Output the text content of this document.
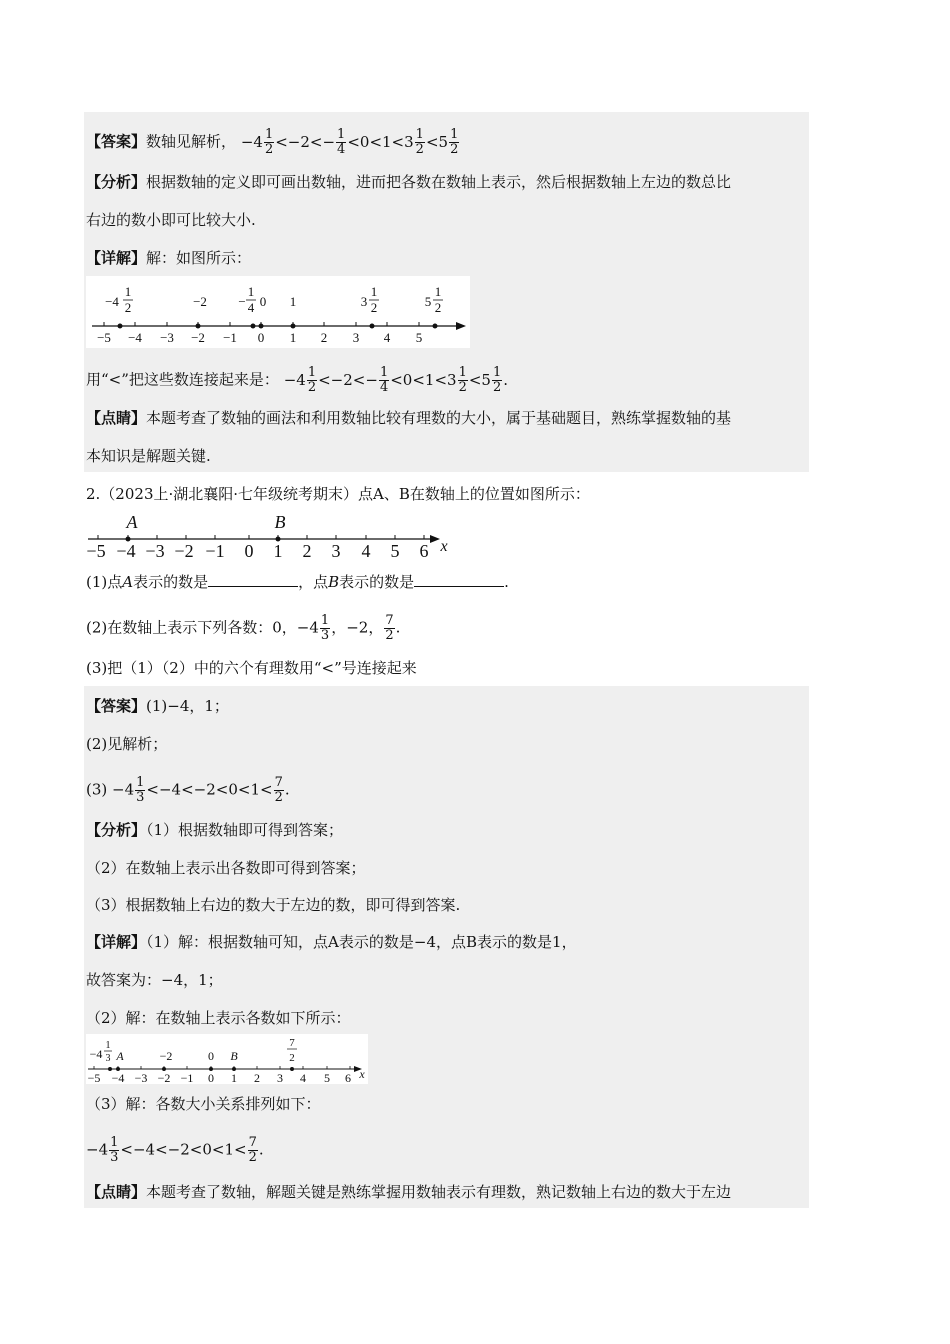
【答案】数轴见解析， $-4 \frac{1}{2} <-2<- \frac{1}{4} <0<1<3 \frac{1}{2} <5 \frac{1}{2}$
【分析】根据数轴的定义即可画出数轴，进而把各数在数轴上表示，然后根据数轴上左边的数总比
右边的数小即可比较大小.
【详解】解：如图所示：
−5 −4 −3 −2 −1 0 1 2 3 4 5
−4
1
2	−2 −
1
4 0 1	3
1
2	5
1
2
用“<”把这些数连接起来是： $-4 \frac{1}{2} <-2<- \frac{1}{4} <0<1<3 \frac{1}{2} <5 \frac{1}{2}$ .
【点睛】本题考查了数轴的画法和利用数轴比较有理数的大小，属于基础题目，熟练掌握数轴的基
本知识是解题关键.
2.（2023上·湖北襄阳·七年级统考期末）点A、B在数轴上的位置如图所示：
−5 −4 −3 −2 −1 0 1 2 3 4 5 6
A	B
x
(1)点A表示的数是	，点B表示的数是	.
(2)在数轴上表示下列各数：0，$-4 \frac{1}{3}$ ，−2， $\frac{7}{2}$ .
(3)把（1）（2）中的六个有理数用“<”号连接起来
【答案】(1)−4，1；
(2)见解析；
$(3) -4 \frac{1}{3} <-4<-2<0<1< \frac{7}{2}$ .
【分析】（1）根据数轴即可得到答案；
（2）在数轴上表示出各数即可得到答案；
（3）根据数轴上右边的数大于左边的数，即可得到答案.
【详解】（1）解：根据数轴可知，点A表示的数是−4，点B表示的数是1，
故答案为：−4，1；
（2）解：在数轴上表示各数如下所示：
−5 −4 −3 −2 −1 0 1 2 3 4 5 6 x
−4
1
3 A	−2	0 B
7
2
（3）解：各数大小关系排列如下：
$-4 \frac{1}{3} <-4<-2<0<1< \frac{7}{2}$ .
【点睛】本题考查了数轴，解题关键是熟练掌握用数轴表示有理数，熟记数轴上右边的数大于左边
